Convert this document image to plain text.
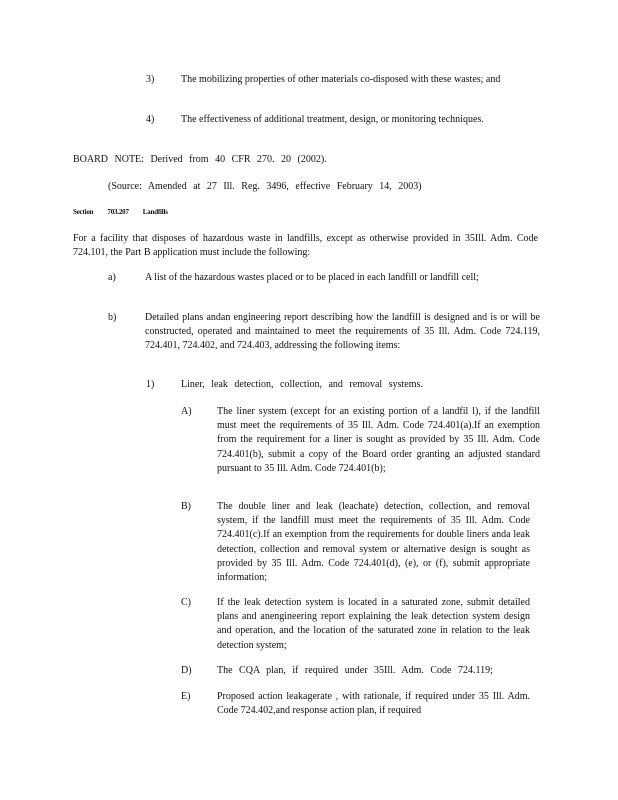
3)	The mobilizing properties of other materials co-disposed with these wastes; and
4)	The effectiveness of additional treatment, design, or monitoring techniques.
BOARD NOTE: Derived from 40 CFR 270. 20 (2002).
(Source: Amended at 27 Ill. Reg. 3496, effective February 14, 2003)
Section 703.207 Landfills
For a facility that disposes of hazardous waste in landfills, except as otherwise provided in 35Ill. Adm. Code 724.101, the Part B application must include the following:
a)	A list of the hazardous wastes placed or to be placed in each landfill or landfill cell;
b)	Detailed plans andan engineering report describing how the landfill is designed and is or will be constructed, operated and maintained to meet the requirements of 35 Ill. Adm. Code 724.119, 724.401, 724.402, and 724.403, addressing the following items:
1)	Liner, leak detection, collection, and removal systems.
A)	The liner system (except for an existing portion of a landfil l), if the landfill must meet the requirements of 35 Ill. Adm. Code 724.401(a).If an exemption from the requirement for a liner is sought as provided by 35 Ill. Adm. Code 724.401(b), submit a copy of the Board order granting an adjusted standard pursuant to 35 Ill. Adm. Code 724.401(b);
B)	The double liner and leak (leachate) detection, collection, and removal system, if the landfill must meet the requirements of 35 Ill. Adm. Code 724.401(c).If an exemption from the requirements for double liners anda leak detection, collection and removal system or alternative design is sought as provided by 35 Ill. Adm. Code 724.401(d), (e), or (f), submit appropriate information;
C)	If the leak detection system is located in a saturated zone, submit detailed plans and anengineering report explaining the leak detection system design and operation, and the location of the saturated zone in relation to the leak detection system;
D)	The CQA plan, if required under 35Ill. Adm. Code 724.119;
E)	Proposed action leakagerate , with rationale, if required under 35 Ill. Adm. Code 724.402,and response action plan, if required
